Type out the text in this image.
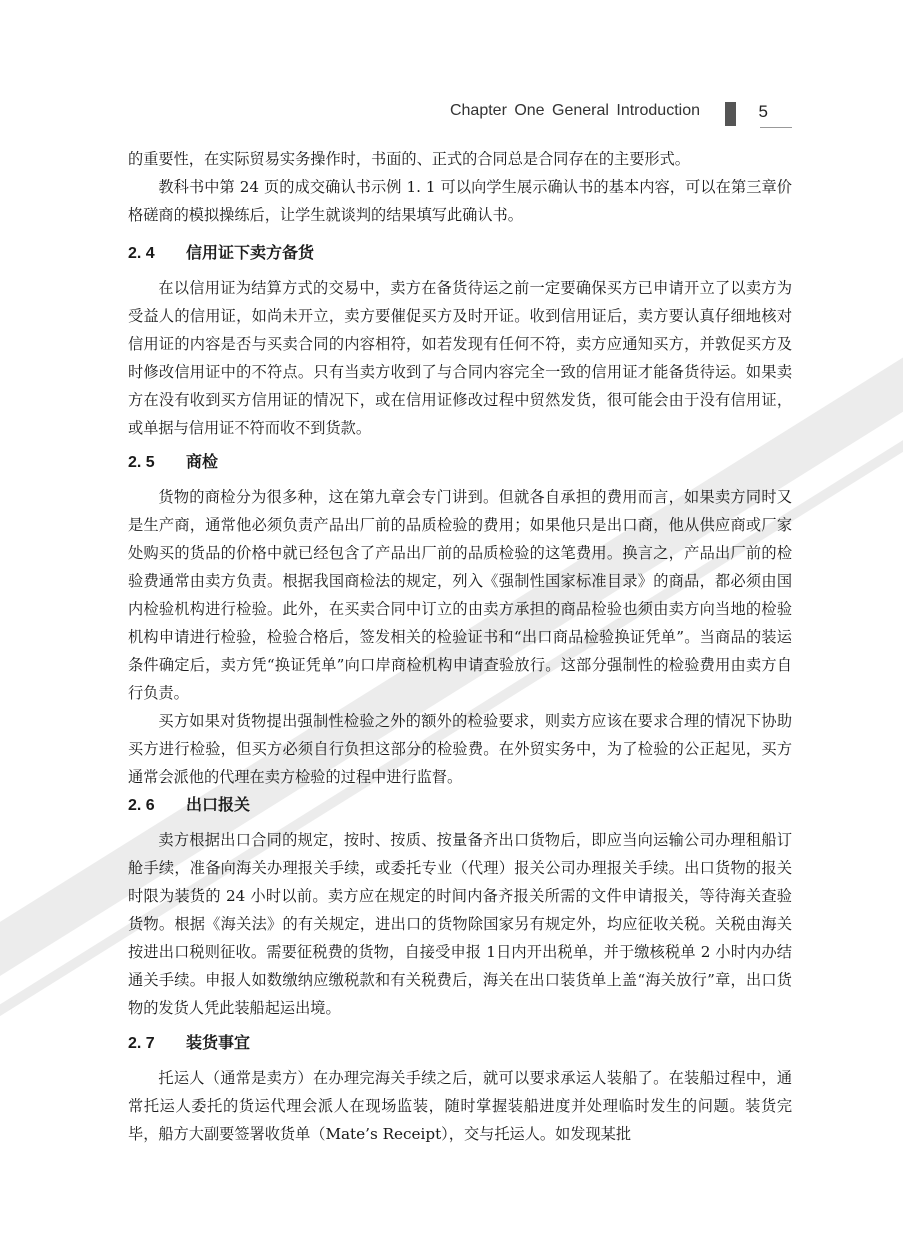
Chapter One General Introduction	5

的重要性，在实际贸易实务操作时，书面的、正式的合同总是合同存在的主要形式。

教科书中第 24 页的成交确认书示例 1. 1 可以向学生展示确认书的基本内容，可以在第三章价格磋商的模拟操练后，让学生就谈判的结果填写此确认书。

2. 4 信用证下卖方备货

在以信用证为结算方式的交易中，卖方在备货待运之前一定要确保买方已申请开立了以卖方为受益人的信用证，如尚未开立，卖方要催促买方及时开证。收到信用证后，卖方要认真仔细地核对信用证的内容是否与买卖合同的内容相符，如若发现有任何不符，卖方应通知买方，并敦促买方及时修改信用证中的不符点。只有当卖方收到了与合同内容完全一致的信用证才能备货待运。如果卖方在没有收到买方信用证的情况下，或在信用证修改过程中贸然发货，很可能会由于没有信用证，或单据与信用证不符而收不到货款。

2. 5 商检

货物的商检分为很多种，这在第九章会专门讲到。但就各自承担的费用而言，如果卖方同时又是生产商，通常他必须负责产品出厂前的品质检验的费用；如果他只是出口商，他从供应商或厂家处购买的货品的价格中就已经包含了产品出厂前的品质检验的这笔费用。换言之，产品出厂前的检验费通常由卖方负责。根据我国商检法的规定，列入《强制性国家标准目录》的商品，都必须由国内检验机构进行检验。此外，在买卖合同中订立的由卖方承担的商品检验也须由卖方向当地的检验机构申请进行检验，检验合格后，签发相关的检验证书和“出口商品检验换证凭单”。当商品的装运条件确定后，卖方凭“换证凭单”向口岸商检机构申请查验放行。这部分强制性的检验费用由卖方自行负责。

买方如果对货物提出强制性检验之外的额外的检验要求，则卖方应该在要求合理的情况下协助买方进行检验，但买方必须自行负担这部分的检验费。在外贸实务中，为了检验的公正起见，买方通常会派他的代理在卖方检验的过程中进行监督。

2. 6 出口报关

卖方根据出口合同的规定，按时、按质、按量备齐出口货物后，即应当向运输公司办理租船订舱手续，准备向海关办理报关手续，或委托专业（代理）报关公司办理报关手续。出口货物的报关时限为装货的 24 小时以前。卖方应在规定的时间内备齐报关所需的文件申请报关，等待海关查验货物。根据《海关法》的有关规定，进出口的货物除国家另有规定外，均应征收关税。关税由海关按进出口税则征收。需要征税费的货物，自接受申报 1日内开出税单，并于缴核税单 2 小时内办结通关手续。申报人如数缴纳应缴税款和有关税费后，海关在出口装货单上盖“海关放行”章，出口货物的发货人凭此装船起运出境。

2. 7 装货事宜

托运人（通常是卖方）在办理完海关手续之后，就可以要求承运人装船了。在装船过程中，通常托运人委托的货运代理会派人在现场监装，随时掌握装船进度并处理临时发生的问题。装货完毕，船方大副要签署收货单（Mate’s Receipt），交与托运人。如发现某批
